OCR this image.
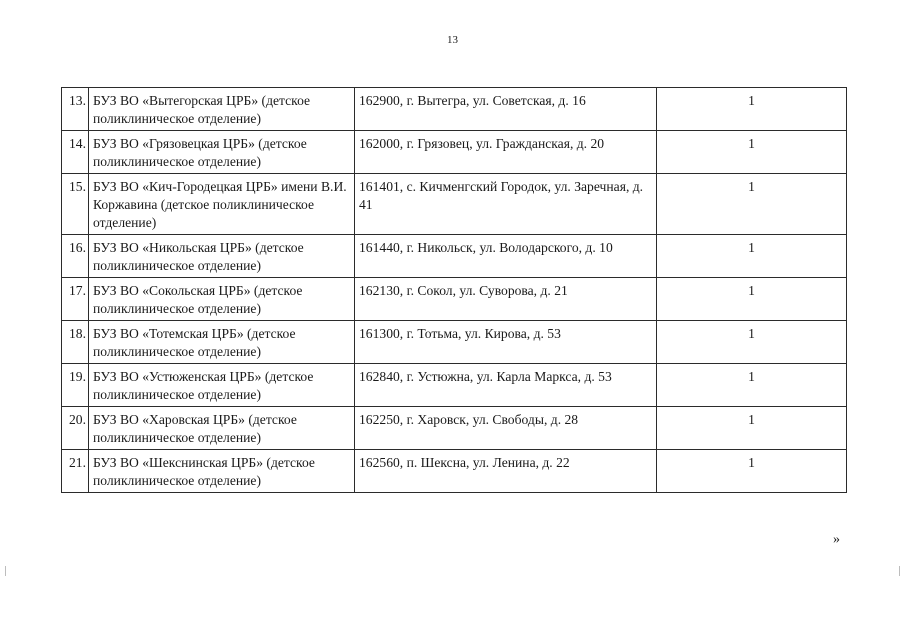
13
13.	БУЗ ВО «Вытегорская ЦРБ» (детское поликлиническое отделение)	162900, г. Вытегра, ул. Советская, д. 16	1
14.	БУЗ ВО «Грязовецкая ЦРБ» (детское поликлиническое отделение)	162000, г. Грязовец, ул. Гражданская, д. 20	1
15.	БУЗ ВО «Кич-Городецкая ЦРБ» имени В.И. Коржавина (детское поликлиническое отделение)	161401, с. Кичменгский Городок, ул. Заречная, д. 41	1
16.	БУЗ ВО «Никольская ЦРБ» (детское поликлиническое отделение)	161440, г. Никольск, ул. Володарского, д. 10	1
17.	БУЗ ВО «Сокольская ЦРБ» (детское поликлиническое отделение)	162130, г. Сокол, ул. Суворова, д. 21	1
18.	БУЗ ВО «Тотемская ЦРБ» (детское поликлиническое отделение)	161300, г. Тотьма, ул. Кирова, д. 53	1
19.	БУЗ ВО «Устюженская ЦРБ» (детское поликлиническое отделение)	162840, г. Устюжна, ул. Карла Маркса, д. 53	1
20.	БУЗ ВО «Харовская ЦРБ» (детское поликлиническое отделение)	162250, г. Харовск, ул. Свободы, д. 28	1
21.	БУЗ ВО «Шекснинская ЦРБ» (детское поликлиническое отделение)	162560, п. Шексна, ул. Ленина, д. 22	1
»
